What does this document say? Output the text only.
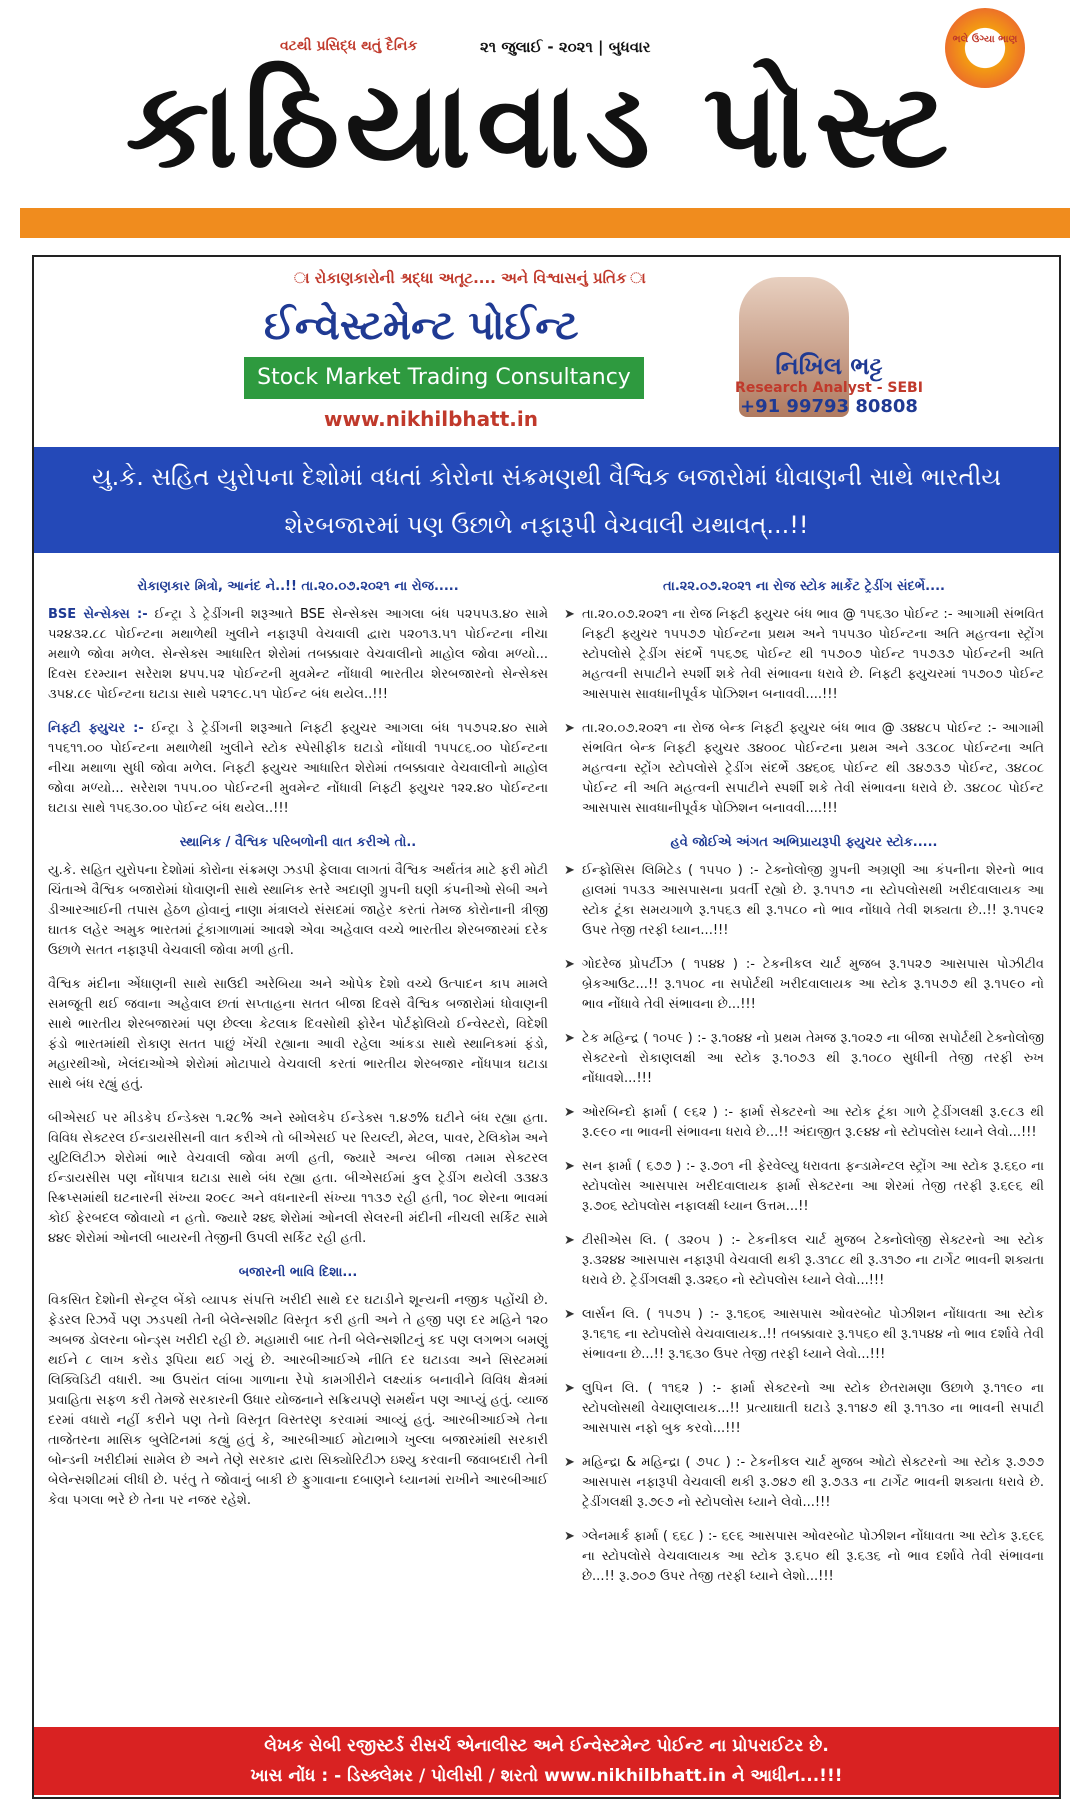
વટથી પ્રસિદ્ધ થતું દૈનિક	૨૧ જુલાઈ - ૨૦૨૧ | બુધવાર	ભલે ઉગ્યા ભાણ
કાઠિયાવાડ પોસ્ટ
ા રોકાણકારોની શ્રદ્ધા અતૂટ.... અને વિશ્વાસનું પ્રતિક ા
ઈન્વેસ્ટમેન્ટ પોઈન્ટ
Stock Market Trading Consultancy
www.nikhilbhatt.in
નિખિલ ભટ્ટ
Research Analyst - SEBI
+91 99793 80808
યુ.કે. સહિત યુરોપના દેશોમાં વધતાં કોરોના સંક્રમણથી વૈશ્વિક બજારોમાં ધોવાણની સાથે ભારતીય શેરબજારમાં પણ ઉછાળે નફારૂપી વેચવાલી યથાવત્...!!
રોકાણકાર મિત્રો, આનંદ ને..!! તા.૨૦.૦૭.૨૦૨૧ ના રોજ.....

BSE સેન્સેક્સ :- ઈન્ટ્રા ડે ટ્રેડીંગની શરૂઆતે BSE સેન્સેક્સ આગલા બંધ ૫૨૫૫૩.૪૦ સામે ૫૨૪૩૨.૮૮ પોઈન્ટના મથાળેથી ખુલીને નફારૂપી વેચવાલી દ્વારા ૫૨૦૧૩.૫૧ પોઈન્ટના નીચા મથાળે જોવા મળેલ. સેન્સેક્સ આધારિત શેરોમાં તબક્કાવાર વેચવાલીનો માહોલ જોવા મળ્યો... દિવસ દરમ્યાન સરેરાશ ૪૫૫.૫૨ પોઈન્ટની મુવમેન્ટ નોંધાવી ભારતીય શેરબજારનો સેન્સેક્સ ૩૫૪.૮૯ પોઈન્ટના ઘટાડા સાથે ૫૨૧૯૮.૫૧ પોઈન્ટ બંધ થયેલ..!!!

નિફ્ટી ફ્યુચર :- ઈન્ટ્રા ડે ટ્રેડીંગની શરૂઆતે નિફ્ટી ફ્યુચર આગલા બંધ ૧૫૭૫૨.૪૦ સામે ૧૫૬૧૧.૦૦ પોઈન્ટના મથાળેથી ખુલીને સ્ટોક સ્પેસીફીક ઘટાડો નોંધાવી ૧૫૫૮૬.૦૦ પોઈન્ટના નીચા મથાળા સુધી જોવા મળેલ. નિફ્ટી ફ્યુચર આધારિત શેરોમાં તબક્કાવાર વેચવાલીનો માહોલ જોવા મળ્યો... સરેરાશ ૧૫૫.૦૦ પોઈન્ટની મુવમેન્ટ નોંધાવી નિફ્ટી ફ્યુચર ૧૨૨.૪૦ પોઈન્ટના ઘટાડા સાથે ૧૫૬૩૦.૦૦ પોઈન્ટ બંધ થયેલ..!!!

સ્થાનિક / વૈશ્વિક પરિબળોની વાત કરીએ તો..

યુ.કે. સહિત યુરોપના દેશોમાં કોરોના સંક્રમણ ઝડપી ફેલાવા લાગતાં વૈશ્વિક અર્થતંત્ર માટે ફરી મોટી ચિંતાએ વૈશ્વિક બજારોમાં ધોવાણની સાથે સ્થાનિક સ્તરે અદાણી ગ્રુપની ઘણી કંપનીઓ સેબી અને ડીઆરઆઈની તપાસ હેઠળ હોવાનું નાણા મંત્રાલયે સંસદમાં જાહેર કરતાં તેમજ કોરોનાની ત્રીજી ઘાતક લહેર અમુક ભારતમાં ટૂંકાગાળામાં આવશે એવા અહેવાલ વચ્ચે ભારતીય શેરબજારમાં દરેક ઉછાળે સતત નફારૂપી વેચવાલી જોવા મળી હતી.

વૈશ્વિક મંદીના એંધાણની સાથે સાઉદી અરેબિયા અને ઓપેક દેશો વચ્ચે ઉત્પાદન કાપ મામલે સમજૂતી થઈ જવાના અહેવાલ છતાં સપ્તાહના સતત બીજા દિવસે વૈશ્વિક બજારોમાં ધોવાણની સાથે ભારતીય શેરબજારમાં પણ છેલ્લા કેટલાક દિવસોથી ફોરેન પોર્ટફોલિયો ઈન્વેસ્ટરો, વિદેશી ફંડો ભારતમાંથી રોકાણ સતત પાછું ખેંચી રહ્યાના આવી રહેલા આંકડા સાથે સ્થાનિકમાં ફંડો, મહારથીઓ, ખેલંદાઓએ શેરોમાં મોટાપાયે વેચવાલી કરતાં ભારતીય શેરબજાર નોંધપાત્ર ઘટાડા સાથે બંધ રહ્યું હતું.

બીએસઈ પર મીડકેપ ઈન્ડેક્સ ૧.૨૮% અને સ્મોલકેપ ઈન્ડેક્સ ૧.૪૭% ઘટીને બંધ રહ્યા હતા. વિવિધ સેક્ટરલ ઈન્ડાયસીસની વાત કરીએ તો બીએસઈ પર રિયલ્ટી, મેટલ, પાવર, ટેલિકોમ અને યુટિલિટીઝ શેરોમાં ભારે વેચવાલી જોવા મળી હતી, જ્યારે અન્ય બીજા તમામ સેક્ટરલ ઈન્ડાયસીસ પણ નોંધપાત્ર ઘટાડા સાથે બંધ રહ્યા હતા. બીએસઈમાં કુલ ટ્રેડીંગ થયેલી ૩૩૪૩ સ્ક્રિપ્સમાંથી ઘટનારની સંખ્યા ૨૦૯૮ અને વધનારની સંખ્યા ૧૧૩૭ રહી હતી, ૧૦૮ શેરના ભાવમાં કોઈ ફેરબદલ જોવાયો ન હતો. જ્યારે ૨૪૬ શેરોમાં ઓનલી સેલરની મંદીની નીચલી સર્કિટ સામે ૪૪૯ શેરોમાં ઓનલી બાયરની તેજીની ઉપલી સર્કિટ રહી હતી.

બજારની ભાવિ દિશા...

વિકસિત દેશોની સેન્ટ્રલ બેંકો વ્યાપક સંપત્તિ ખરીદી સાથે દર ઘટાડીને શૂન્યની નજીક પહોંચી છે. ફેડરલ રિઝર્વે પણ ઝડપથી તેની બેલેન્સશીટ વિસ્તૃત કરી હતી અને તે હજી પણ દર મહિને ૧૨૦ અબજ ડોલરના બોન્ડ્સ ખરીદી રહી છે. મહામારી બાદ તેની બેલેન્સશીટનું કદ પણ લગભગ બમણું થઈને ૮ લાખ કરોડ રૂપિયા થઈ ગયું છે. આરબીઆઈએ નીતિ દર ઘટાડવા અને સિસ્ટમમાં લિક્વિડિટી વધારી. આ ઉપરાંત લાંબા ગાળાના રેપો કામગીરીને લક્ષ્યાંક બનાવીને વિવિધ ક્ષેત્રમાં પ્રવાહિતા સફળ કરી તેમજે સરકારની ઉધાર યોજનાને સક્રિયપણે સમર્થન પણ આપ્યું હતું. વ્યાજ દરમાં વધારો નહીં કરીને પણ તેનો વિસ્તૃત વિસ્તરણ કરવામાં આવ્યું હતું. આરબીઆઈએ તેના તાજેતરના માસિક બુલેટિનમાં કહ્યું હતું કે, આરબીઆઈ મોટાભાગે ખુલ્લા બજારમાંથી સરકારી બોન્ડની ખરીદીમાં સામેલ છે અને તેણે સરકાર દ્વારા સિક્યોરિટીઝ ઇશ્યુ કરવાની જવાબદારી તેની બેલેન્સશીટમાં લીધી છે. પરંતુ તે જોવાનું બાકી છે ફુગાવાના દબાણને ધ્યાનમાં રાખીને આરબીઆઈ કેવા પગલા ભરે છે તેના પર નજર રહેશે.

તા.૨૨.૦૭.૨૦૨૧ ના રોજ સ્ટોક માર્કેટ ટ્રેડીંગ સંદર્ભે....
➤ તા.૨૦.૦૭.૨૦૨૧ ના રોજ નિફ્ટી ફ્યુચર બંધ ભાવ @ ૧૫૬૩૦ પોઈન્ટ :- આગામી સંભવિત નિફ્ટી ફ્યુચર ૧૫૫૭૭ પોઈન્ટના પ્રથમ અને ૧૫૫૩૦ પોઈન્ટના અતિ મહત્વના સ્ટ્રોંગ સ્ટોપલોસે ટ્રેડીંગ સંદર્ભે ૧૫૬૭૬ પોઈન્ટ થી ૧૫૭૦૭ પોઈન્ટ ૧૫૭૩૭ પોઈન્ટની અતિ મહત્વની સપાટીને સ્પર્શી શકે તેવી સંભાવના ધરાવે છે. નિફ્ટી ફ્યુચરમાં ૧૫૭૦૭ પોઈન્ટ આસપાસ સાવધાનીપૂર્વક પોઝિશન બનાવવી....!!!
➤ તા.૨૦.૦૭.૨૦૨૧ ના રોજ બેન્ક નિફ્ટી ફ્યુચર બંધ ભાવ @ ૩૪૪૮૫ પોઈન્ટ :- આગામી સંભવિત બેન્ક નિફ્ટી ફ્યુચર ૩૪૦૦૮ પોઈન્ટના પ્રથમ અને ૩૩૮૦૮ પોઈન્ટના અતિ મહત્વના સ્ટ્રોંગ સ્ટોપલોસે ટ્રેડીંગ સંદર્ભે ૩૪૬૦૬ પોઈન્ટ થી ૩૪૭૩૭ પોઈન્ટ, ૩૪૮૦૮ પોઈન્ટ ની અતિ મહત્વની સપાટીને સ્પર્શી શકે તેવી સંભાવના ધરાવે છે. ૩૪૮૦૮ પોઈન્ટ આસપાસ સાવધાનીપૂર્વક પોઝિશન બનાવવી....!!!
હવે જોઈએ અંગત અભિપ્રાયરૂપી ફ્યુચર સ્ટોક.....
➤ ઈન્ફોસિસ લિમિટેડ ( ૧૫૫૦ ) :- ટેક્નોલોજી ગ્રુપની અગ્રણી આ કંપનીના શેરનો ભાવ હાલમાં ૧૫૩૩ આસપાસના પ્રવર્તી રહ્યો છે. રૂ.૧૫૧૭ ના સ્ટોપલોસથી ખરીદવાલાયક આ સ્ટોક ટૂંકા સમયગાળે રૂ.૧૫૬૩ થી રૂ.૧૫૮૦ નો ભાવ નોંધાવે તેવી શક્યતા છે..!! રૂ.૧૫૯૨ ઉપર તેજી તરફી ધ્યાન...!!!
➤ ગોદરેજ પ્રોપર્ટીઝ ( ૧૫૪૪ ) :- ટેકનીકલ ચાર્ટ મુજબ રૂ.૧૫૨૭ આસપાસ પોઝીટીવ બ્રેકઆઉટ...!! રૂ.૧૫૦૮ ના સપોર્ટથી ખરીદવાલાયક આ સ્ટોક રૂ.૧૫૭૭ થી રૂ.૧૫૯૦ નો ભાવ નોંધાવે તેવી સંભાવના છે...!!!
➤ ટેક મહિન્દ્ર ( ૧૦૫૯ ) :- રૂ.૧૦૪૪ નો પ્રથમ તેમજ રૂ.૧૦૨૭ ના બીજા સપોર્ટથી ટેક્નોલોજી સેક્ટરનો રોકાણલક્ષી આ સ્ટોક રૂ.૧૦૭૩ થી રૂ.૧૦૮૦ સુધીની તેજી તરફી રુખ નોંધાવશે...!!!
➤ ઓરબિન્દો ફાર્મા ( ૯૬૨ ) :- ફાર્મા સેક્ટરનો આ સ્ટોક ટૂંકા ગાળે ટ્રેડીંગલક્ષી રૂ.૯૮૩ થી રૂ.૯૯૦ ના ભાવની સંભાવના ધરાવે છે...!! અંદાજીત રૂ.૯૪૪ નો સ્ટોપલોસ ધ્યાને લેવો...!!!
➤ સન ફાર્મા ( ૬૭૭ ) :- રૂ.૭૦૧ ની ફેરવેલ્યુ ધરાવતા ફન્ડામેન્ટલ સ્ટ્રોંગ આ સ્ટોક રૂ.૬૬૦ ના સ્ટોપલોસ આસપાસ ખરીદવાલાયક ફાર્મા સેક્ટરના આ શેરમાં તેજી તરફી રૂ.૬૯૬ થી રૂ.૭૦૬ સ્ટોપલોસ નફાલક્ષી ધ્યાન ઉત્તમ...!!
➤ ટીસીએસ લિ. ( ૩૨૦૫ ) :- ટેકનીકલ ચાર્ટ મુજબ ટેક્નોલોજી સેક્ટરનો આ સ્ટોક રૂ.૩૨૪૪ આસપાસ નફારૂપી વેચવાલી થકી રૂ.૩૧૮૮ થી રૂ.૩૧૭૦ ના ટાર્ગેટ ભાવની શક્યતા ધરાવે છે. ટ્રેડીંગલક્ષી રૂ.૩૨૬૦ નો સ્ટોપલોસ ધ્યાને લેવો...!!!
➤ લાર્સન લિ. ( ૧૫૭૫ ) :- રૂ.૧૬૦૬ આસપાસ ઓવરબોટ પોઝીશન નોંધાવતા આ સ્ટોક રૂ.૧૬૧૬ ના સ્ટોપલોસે વેચવાલાયક..!! તબક્કાવાર રૂ.૧૫૬૦ થી રૂ.૧૫૪૪ નો ભાવ દર્શાવે તેવી સંભાવના છે...!! રૂ.૧૬૩૦ ઉપર તેજી તરફી ધ્યાને લેવો...!!!
➤ લુપિન લિ. ( ૧૧૬૨ ) :- ફાર્મા સેક્ટરનો આ સ્ટોક છેતરામણા ઉછાળે રૂ.૧૧૯૦ ના સ્ટોપલોસથી વેચાણલાયક...!! પ્રત્યાઘાતી ઘટાડે રૂ.૧૧૪૭ થી રૂ.૧૧૩૦ ના ભાવની સપાટી આસપાસ નફો બુક કરવો...!!!
➤ મહિન્દ્રા & મહિન્દ્રા ( ૭૫૮ ) :- ટેકનીકલ ચાર્ટ મુજબ ઓટો સેક્ટરનો આ સ્ટોક રૂ.૭૭૭ આસપાસ નફારૂપી વેચવાલી થકી રૂ.૭૪૭ થી રૂ.૭૩૩ ના ટાર્ગેટ ભાવની શક્યતા ધરાવે છે. ટ્રેડીંગલક્ષી રૂ.૭૯૭ નો સ્ટોપલોસ ધ્યાને લેવો...!!!
➤ ગ્લેનમાર્ક ફાર્મા ( ૬૬૮ ) :- ૬૯૬ આસપાસ ઓવરબોટ પોઝીશન નોંધાવતા આ સ્ટોક રૂ.૬૯૬ ના સ્ટોપલોસે વેચવાલાયક આ સ્ટોક રૂ.૬૫૦ થી રૂ.૬૩૬ નો ભાવ દર્શાવે તેવી સંભાવના છે...!! રૂ.૭૦૭ ઉપર તેજી તરફી ધ્યાને લેશો...!!!
લેખક સેબી રજીસ્ટર્ડ રીસર્ચ એનાલીસ્ટ અને ઈન્વેસ્ટમેન્ટ પોઈન્ટ ના પ્રોપરાઈટર છે.
ખાસ નોંધ : - ડિસ્ક્લેમર / પોલીસી / શરતો www.nikhilbhatt.in ને આધીન...!!!
